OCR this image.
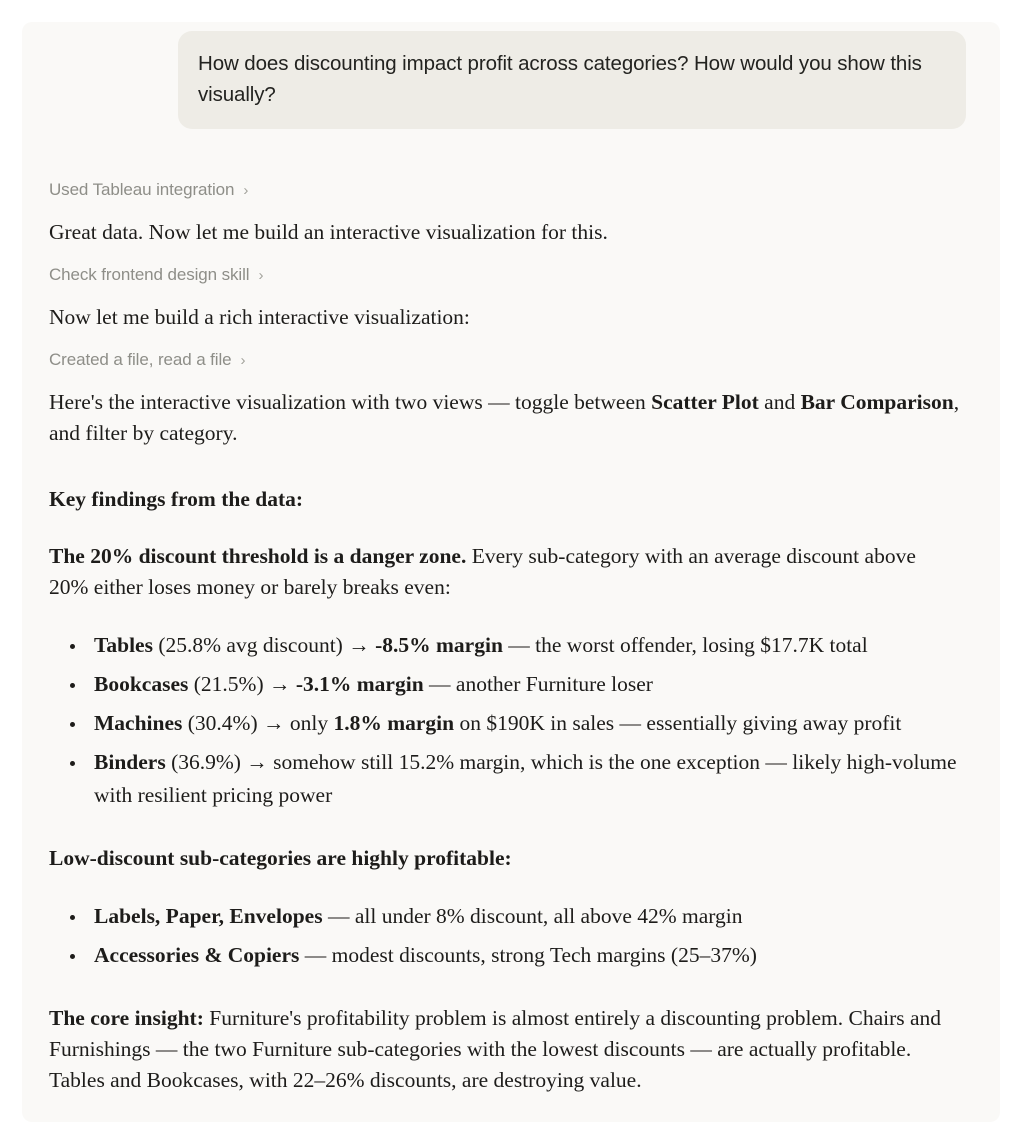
How does discounting impact profit across categories? How would you show this visually?
Used Tableau integration ›

Great data. Now let me build an interactive visualization for this.

Check frontend design skill ›

Now let me build a rich interactive visualization:

Created a file, read a file ›

Here's the interactive visualization with two views — toggle between Scatter Plot and Bar Comparison, and filter by category.

Key findings from the data:

The 20% discount threshold is a danger zone. Every sub-category with an average discount above 20% either loses money or barely breaks even:

Tables (25.8% avg discount) → -8.5% margin — the worst offender, losing $17.7K total
Bookcases (21.5%) → -3.1% margin — another Furniture loser
Machines (30.4%) → only 1.8% margin on $190K in sales — essentially giving away profit
Binders (36.9%) → somehow still 15.2% margin, which is the one exception — likely high-volume with resilient pricing power

Low-discount sub-categories are highly profitable:

Labels, Paper, Envelopes — all under 8% discount, all above 42% margin
Accessories & Copiers — modest discounts, strong Tech margins (25–37%)

The core insight: Furniture's profitability problem is almost entirely a discounting problem. Chairs and Furnishings — the two Furniture sub-categories with the lowest discounts — are actually profitable. Tables and Bookcases, with 22–26% discounts, are destroying value.
